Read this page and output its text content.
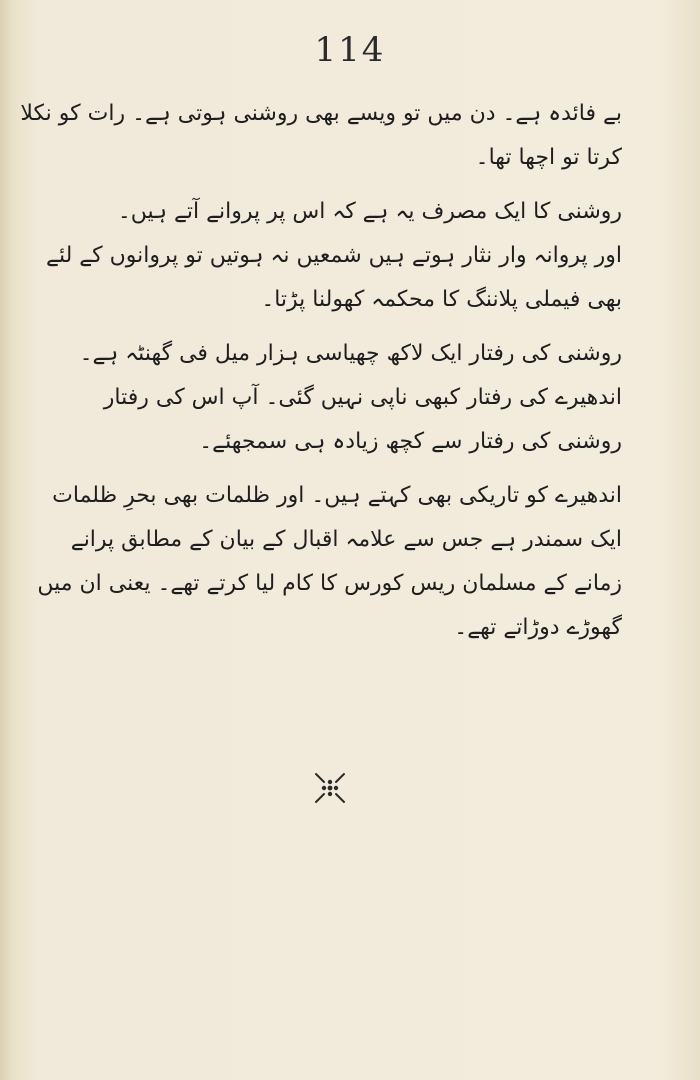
114

بے فائدہ ہے۔ دن میں تو ویسے بھی روشنی ہوتی ہے۔ رات کو نکلا
کرتا تو اچھا تھا۔

روشنی کا ایک مصرف یہ ہے کہ اس پر پروانے آتے ہیں۔
اور پروانہ وار نثار ہوتے ہیں شمعیں نہ ہوتیں تو پروانوں کے لئے
بھی فیملی پلاننگ کا محکمہ کھولنا پڑتا۔

روشنی کی رفتار ایک لاکھ چھیاسی ہزار میل فی گھنٹہ ہے۔
اندھیرے کی رفتار کبھی ناپی نہیں گئی۔ آپ اس کی رفتار
روشنی کی رفتار سے کچھ زیادہ ہی سمجھئے۔

اندھیرے کو تاریکی بھی کہتے ہیں۔ اور ظلمات بھی بحرِ ظلمات
ایک سمندر ہے جس سے علامہ اقبال کے بیان کے مطابق پرانے
زمانے کے مسلمان ریس کورس کا کام لیا کرتے تھے۔ یعنی ان میں
گھوڑے دوڑاتے تھے۔
